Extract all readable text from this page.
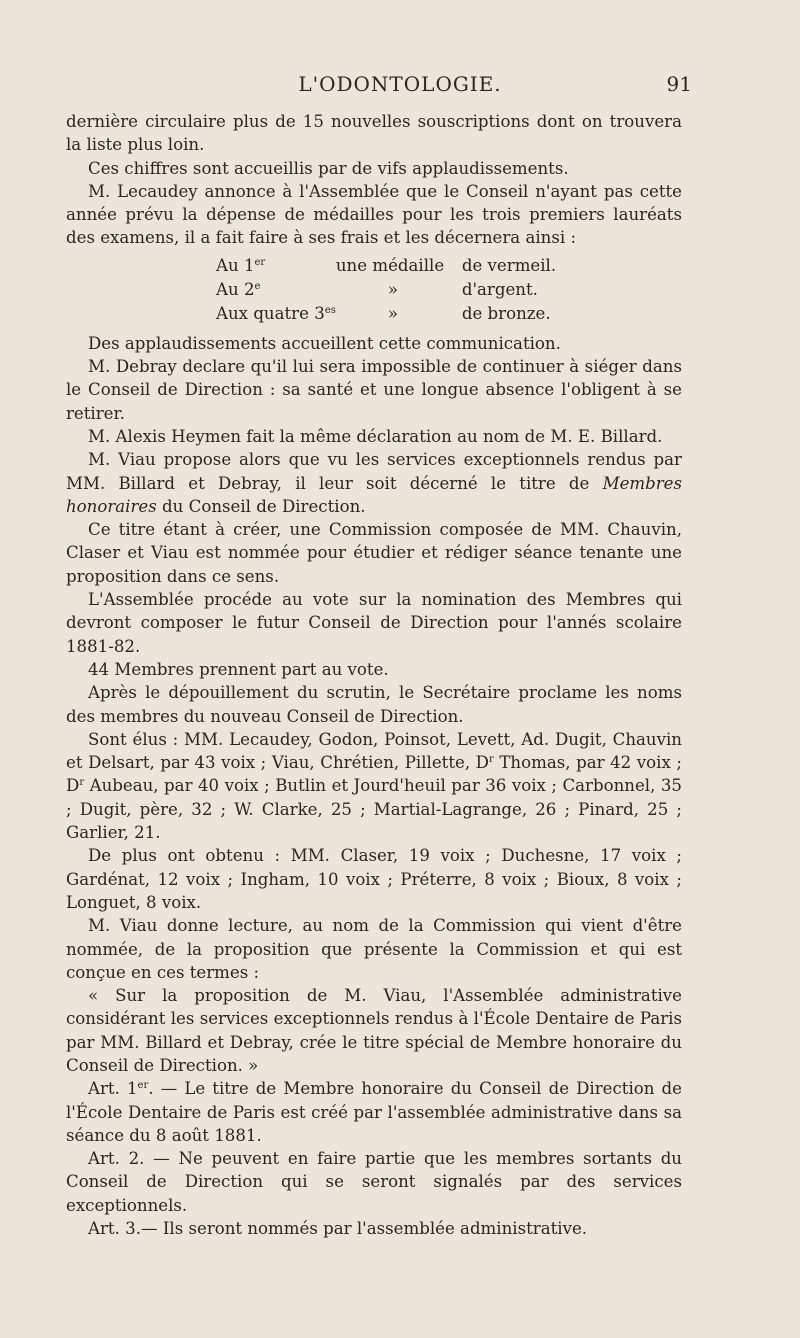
L'ODONTOLOGIE.	91

dernière circulaire plus de 15 nouvelles souscriptions dont on trouvera la liste plus loin.

Ces chiffres sont accueillis par de vifs applaudissements.

M. Lecaudey annonce à l'Assemblée que le Conseil n'ayant pas cette année prévu la dépense de médailles pour les trois premiers lauréats des examens, il a fait faire à ses frais et les décernera ainsi :

Au 1er	une médaille	de vermeil.
Au 2e	»	d'argent.
Aux quatre $3^{es}$	»	de bronze.

Des applaudissements accueillent cette communication.

M. Debray declare qu'il lui sera impossible de continuer à siéger dans le Conseil de Direction : sa santé et une longue absence l'obligent à se retirer.

M. Alexis Heymen fait la même déclaration au nom de M. E. Billard.

M. Viau propose alors que vu les services exceptionnels rendus par MM. Billard et Debray, il leur soit décerné le titre de Membres honoraires du Conseil de Direction.

Ce titre étant à créer, une Commission composée de MM. Chauvin, Claser et Viau est nommée pour étudier et rédiger séance tenante une proposition dans ce sens.

L'Assemblée procéde au vote sur la nomination des Membres qui devront composer le futur Conseil de Direction pour l'annés scolaire 1881-82.

44 Membres prennent part au vote.

Après le dépouillement du scrutin, le Secrétaire proclame les noms des membres du nouveau Conseil de Direction.

Sont élus : MM. Lecaudey, Godon, Poinsot, Levett, Ad. Dugit, Chauvin et Delsart, par 43 voix ; Viau, Chrétien, Pillette, $D^r$ Thomas, par 42 voix ; $D^r$ Aubeau, par 40 voix ; Butlin et Jourd'heuil par 36 voix ; Carbonnel, 35 ; Dugit, père, 32 ; W. Clarke, 25 ; Martial-Lagrange, 26 ; Pinard, 25 ; Garlier, 21.

De plus ont obtenu : MM. Claser, 19 voix ; Duchesne, 17 voix ; Gardénat, 12 voix ; Ingham, 10 voix ; Préterre, 8 voix ; Bioux, 8 voix ; Longuet, 8 voix.

M. Viau donne lecture, au nom de la Commission qui vient d'être nommée, de la proposition que présente la Commission et qui est conçue en ces termes :

« Sur la proposition de M. Viau, l'Assemblée administrative considérant les services exceptionnels rendus à l'École Dentaire de Paris par MM. Billard et Debray, crée le titre spécial de Membre honoraire du Conseil de Direction. »

Art. 1er. — Le titre de Membre honoraire du Conseil de Direction de l'École Dentaire de Paris est créé par l'assemblée administrative dans sa séance du 8 août 1881.

Art. 2. — Ne peuvent en faire partie que les membres sortants du Conseil de Direction qui se seront signalés par des services exceptionnels.

Art. 3.— Ils seront nommés par l'assemblée administrative.
